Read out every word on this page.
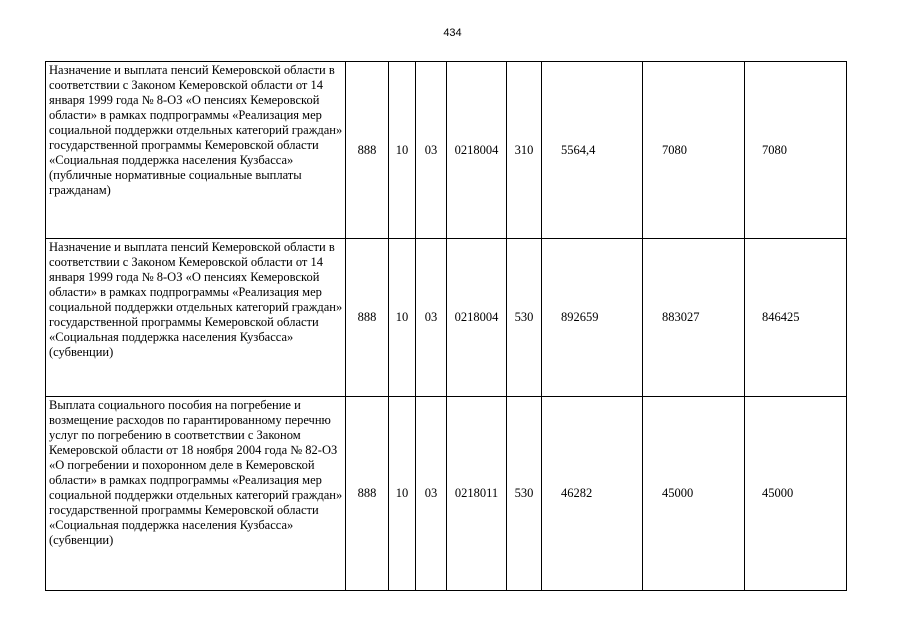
434
Назначение и выплата пенсий Кемеровской области в соответствии с Законом Кемеровской области от 14 января 1999 года № 8-ОЗ «О пенсиях Кемеровской области» в рамках подпрограммы «Реализация мер социальной поддержки отдельных категорий граждан» государственной программы Кемеровской области «Социальная поддержка населения Кузбасса» (публичные нормативные социальные выплаты гражданам)	888	10	03	0218004	310	5564,4	7080	7080
Назначение и выплата пенсий Кемеровской области в соответствии с Законом Кемеровской области от 14 января 1999 года № 8-ОЗ «О пенсиях Кемеровской области» в рамках подпрограммы «Реализация мер социальной поддержки отдельных категорий граждан» государственной программы Кемеровской области «Социальная поддержка населения Кузбасса» (субвенции)	888	10	03	0218004	530	892659	883027	846425
Выплата социального пособия на погребение и возмещение расходов по гарантированному перечню услуг по погребению в соответствии с Законом Кемеровской области от 18 ноября 2004 года № 82-ОЗ «О погребении и похоронном деле в Кемеровской области» в рамках подпрограммы «Реализация мер социальной поддержки отдельных категорий граждан» государственной программы Кемеровской области «Социальная поддержка населения Кузбасса» (субвенции)	888	10	03	0218011	530	46282	45000	45000
